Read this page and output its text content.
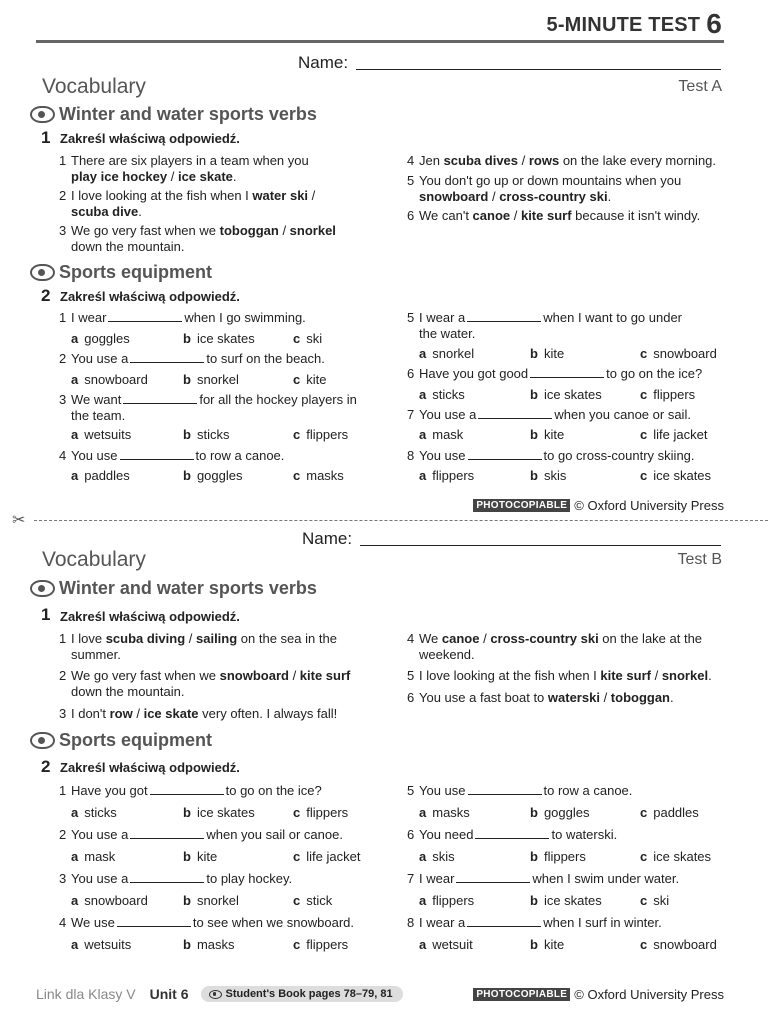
5-MINUTE TEST 6
Name:
Vocabulary	Test A
Winter and water sports verbs
1 Zakreśl właściwą odpowiedź.
1 There are six players in a team when you
play ice hockey / ice skate.
2 I love looking at the fish when I water ski /
scuba dive.
3 We go very fast when we toboggan / snorkel
down the mountain.
4 Jen scuba dives / rows on the lake every morning.
5 You don't go up or down mountains when you
snowboard / cross-country ski.
6 We can't canoe / kite surf because it isn't windy.
Sports equipment
2 Zakreśl właściwą odpowiedź.
1 I wear	when I go swimming.
a goggles	b ice skates	c ski
2 You use a	to surf on the beach.
a snowboard	b snorkel	c kite
3 We want	for all the hockey players in
the team.
a wetsuits	b sticks	c flippers
4 You use	to row a canoe.
a paddles	b goggles	c masks
5 I wear a	when I want to go under
the water.
a snorkel	b kite	c snowboard
6 Have you got good	to go on the ice?
a sticks	b ice skates	c flippers
7 You use a	when you canoe or sail.
a mask	b kite	c life jacket
8 You use	to go cross-country skiing.
a flippers	b skis	c ice skates
PHOTOCOPIABLE © Oxford University Press
✂
Name:
Vocabulary	Test B
Winter and water sports verbs
1 Zakreśl właściwą odpowiedź.
1 I love scuba diving / sailing on the sea in the
summer.
2 We go very fast when we snowboard / kite surf
down the mountain.
3 I don't row / ice skate very often. I always fall!
4 We canoe / cross-country ski on the lake at the
weekend.
5 I love looking at the fish when I kite surf / snorkel.
6 You use a fast boat to waterski / toboggan.
Sports equipment
2 Zakreśl właściwą odpowiedź.
1 Have you got	to go on the ice?
a sticks	b ice skates	c flippers
2 You use a	when you sail or canoe.
a mask	b kite	c life jacket
3 You use a	to play hockey.
a snowboard	b snorkel	c stick
4 We use	to see when we snowboard.
a wetsuits	b masks	c flippers
5 You use	to row a canoe.
a masks	b goggles	c paddles
6 You need	to waterski.
a skis	b flippers	c ice skates
7 I wear	when I swim under water.
a flippers	b ice skates	c ski
8 I wear a	when I surf in winter.
a wetsuit	b kite	c snowboard
Link dla Klasy V Unit 6	Student's Book pages 78–79, 81	PHOTOCOPIABLE © Oxford University Press
